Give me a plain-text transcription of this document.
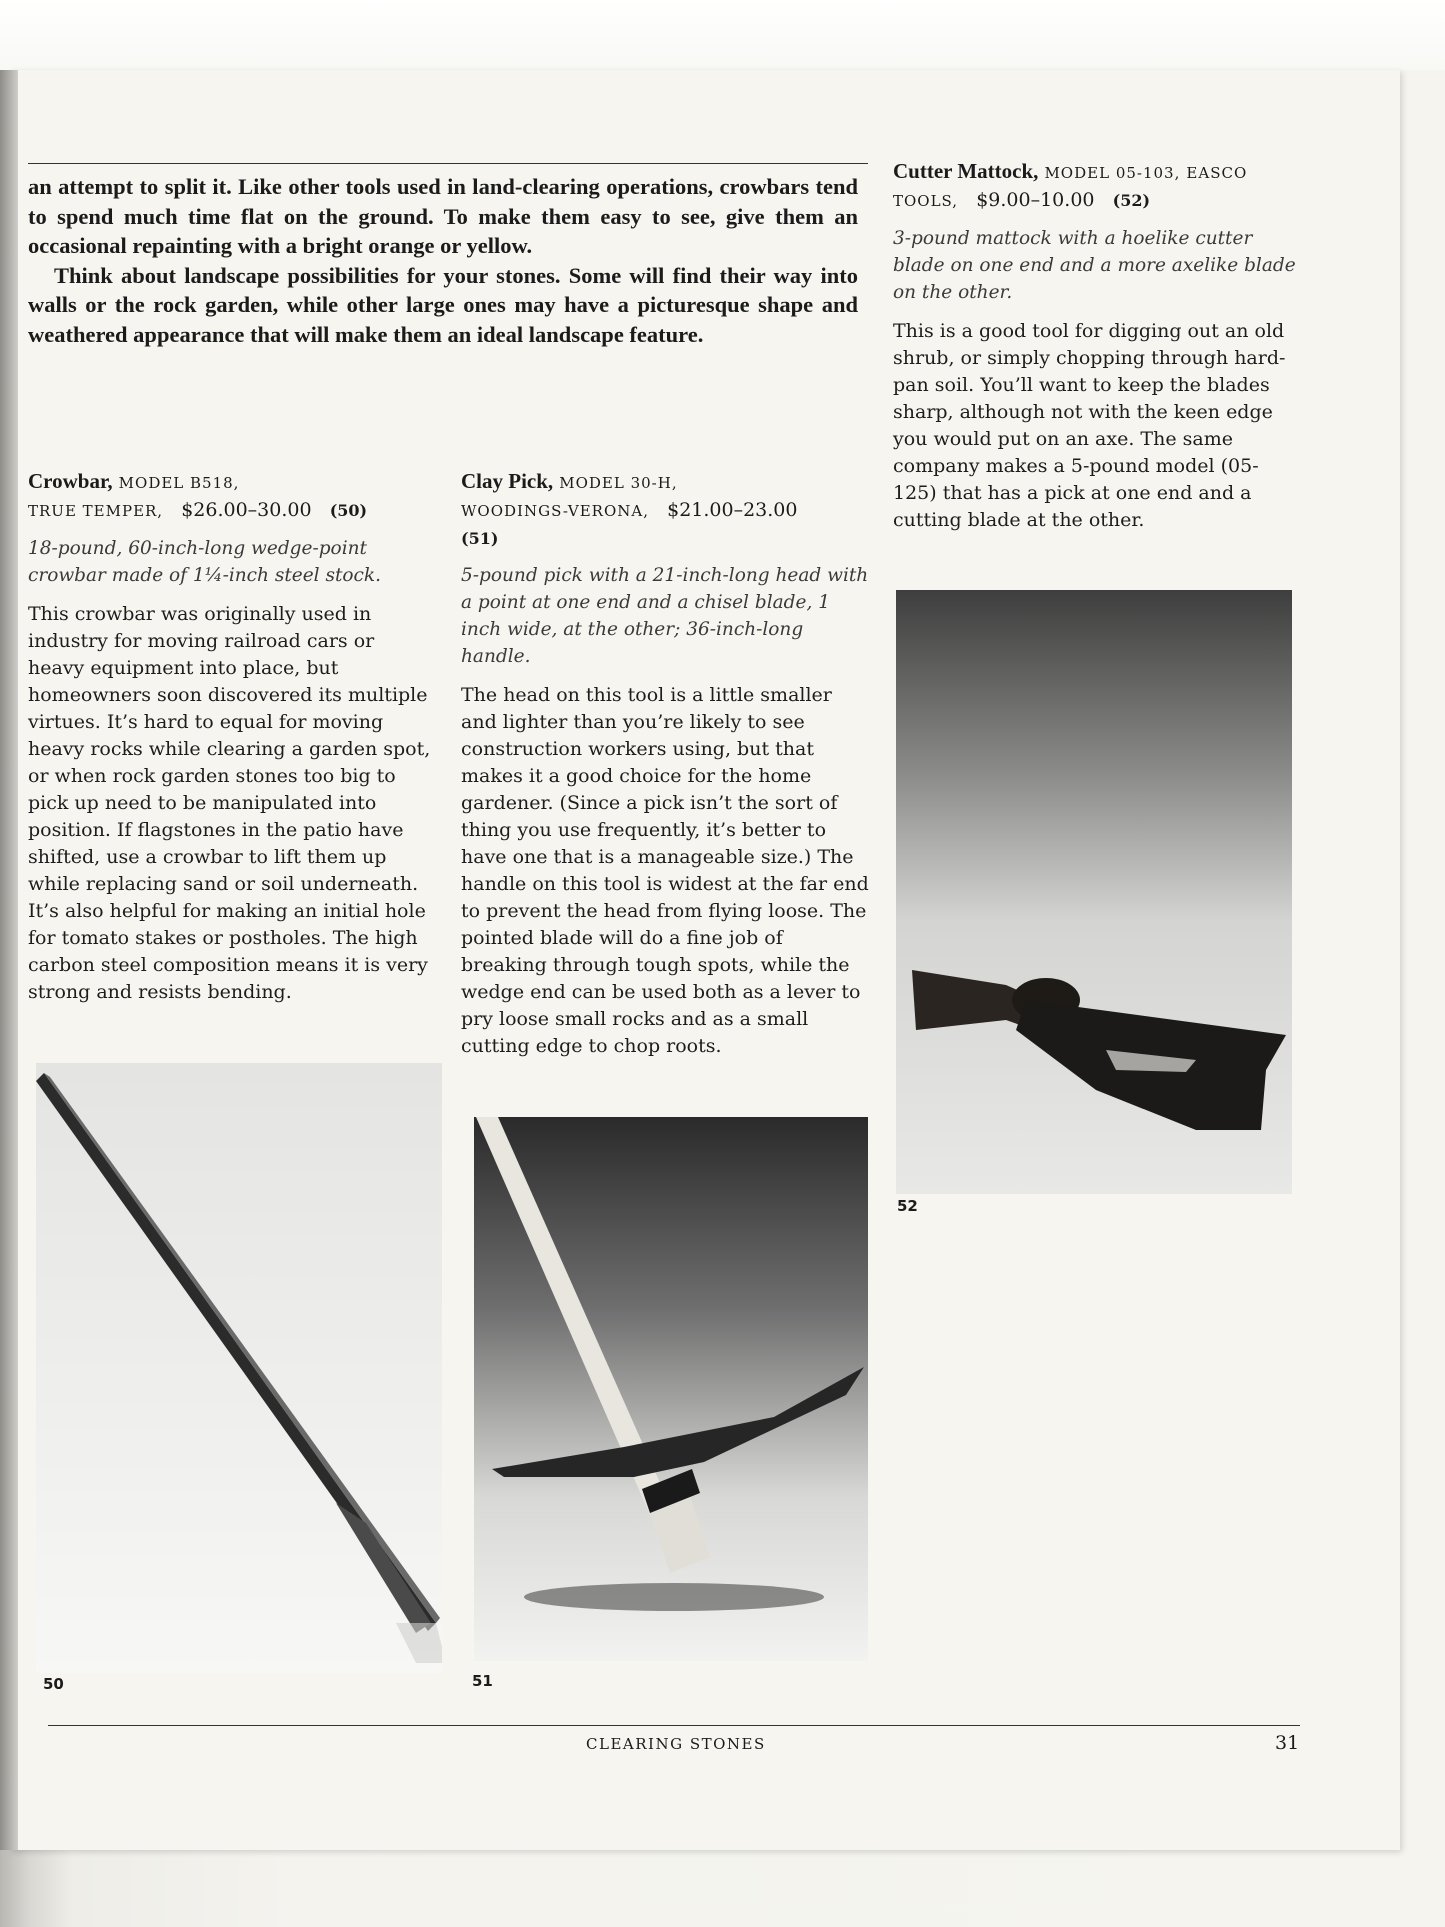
an attempt to split it. Like other tools used in land-clearing operations, crowbars tend to spend much time flat on the ground. To make them easy to see, give them an occasional repainting with a bright orange or yellow.

Think about landscape possibilities for your stones. Some will find their way into walls or the rock garden, while other large ones may have a picturesque shape and weathered appearance that will make them an ideal landscape feature.

Crowbar, MODEL B518,
TRUE TEMPER, $26.00–30.00 (50)

18-pound, 60-inch-long wedge-point crowbar made of 1¼-inch steel stock.

This crowbar was originally used in industry for moving railroad cars or heavy equipment into place, but homeowners soon discovered its multiple virtues. It’s hard to equal for moving heavy rocks while clearing a garden spot, or when rock garden stones too big to pick up need to be manipulated into position. If flagstones in the patio have shifted, use a crowbar to lift them up while replacing sand or soil underneath. It’s also helpful for making an initial hole for tomato stakes or postholes. The high carbon steel composition means it is very strong and resists bending.

50

Clay Pick, MODEL 30-H,
WOODINGS-VERONA, $21.00–23.00
(51)

5-pound pick with a 21-inch-long head with a point at one end and a chisel blade, 1 inch wide, at the other; 36-inch-long handle.

The head on this tool is a little smaller and lighter than you’re likely to see construction workers using, but that makes it a good choice for the home gardener. (Since a pick isn’t the sort of thing you use frequently, it’s better to have one that is a manageable size.) The handle on this tool is widest at the far end to prevent the head from flying loose. The pointed blade will do a fine job of breaking through tough spots, while the wedge end can be used both as a lever to pry loose small rocks and as a small cutting edge to chop roots.

51

Cutter Mattock, MODEL 05-103, EASCO TOOLS, $9.00–10.00 (52)

3-pound mattock with a hoelike cutter blade on one end and a more axelike blade on the other.

This is a good tool for digging out an old shrub, or simply chopping through hard-pan soil. You’ll want to keep the blades sharp, although not with the keen edge you would put on an axe. The same company makes a 5-pound model (05-125) that has a pick at one end and a cutting blade at the other.

52
CLEARING STONES	31
